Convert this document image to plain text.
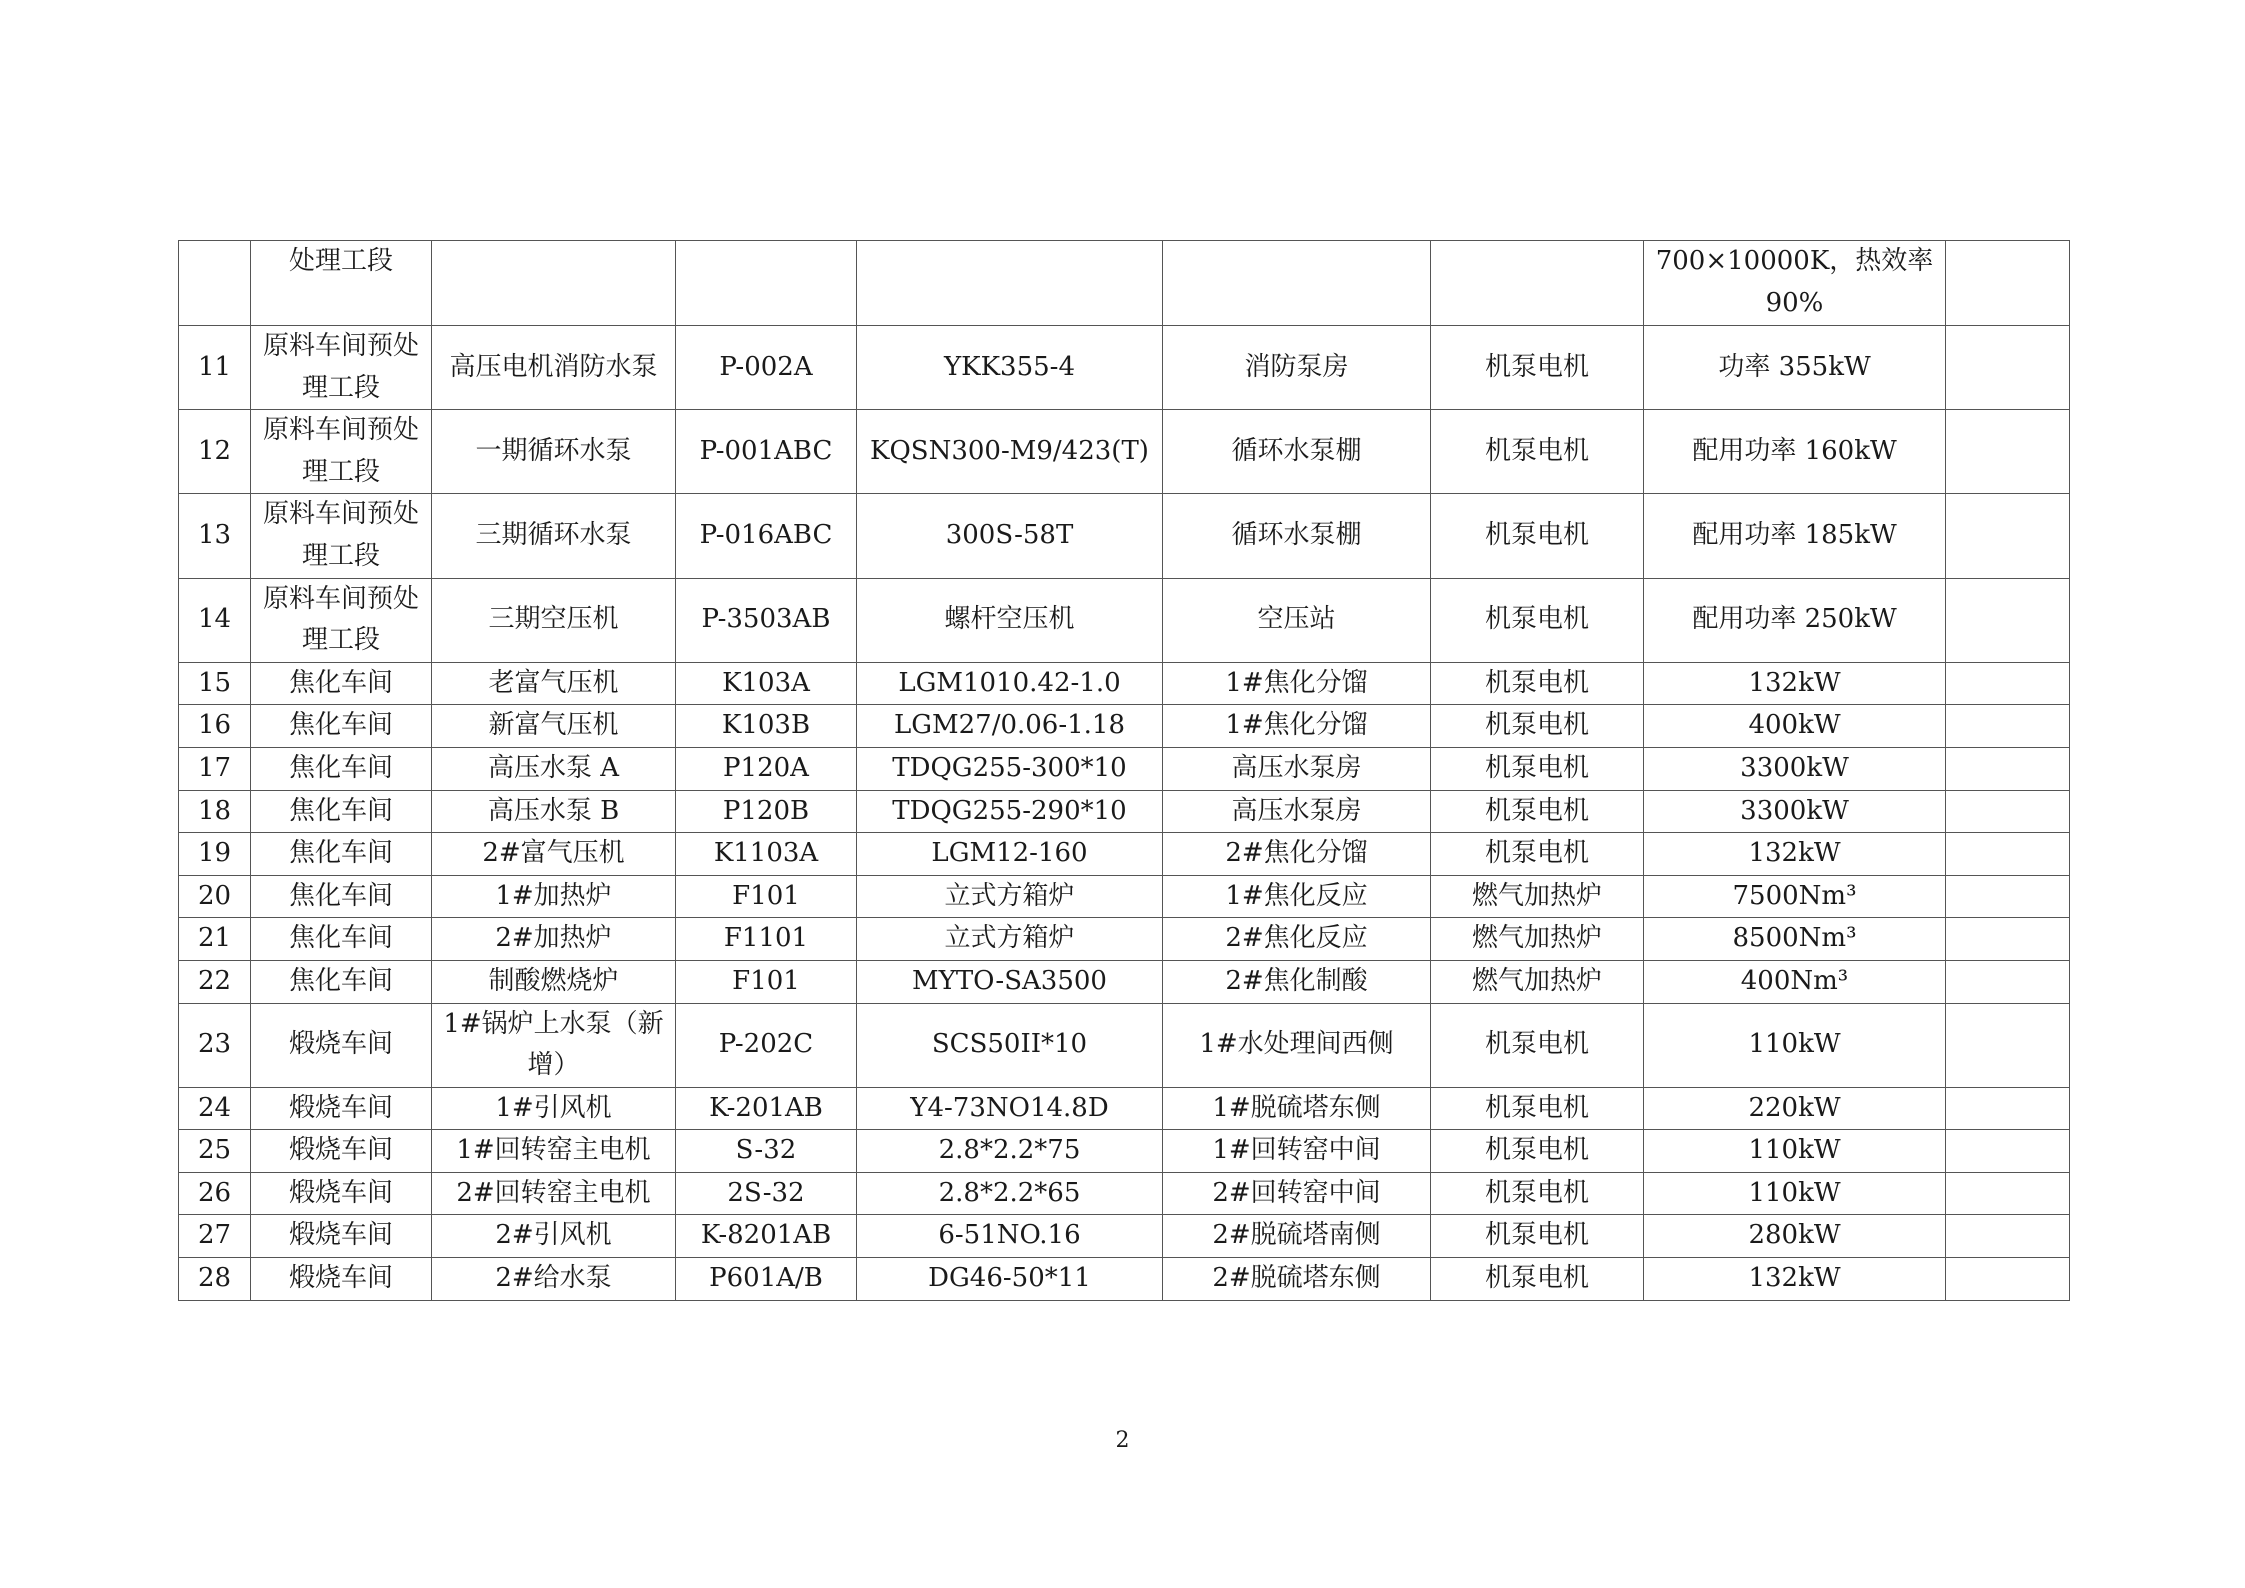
	处理工段						700×10000K，热效率90%	
11	原料车间预处理工段	高压电机消防水泵	P-002A	YKK355-4	消防泵房	机泵电机	功率 355kW	
12	原料车间预处理工段	一期循环水泵	P-001ABC	KQSN300-M9/423(T)	循环水泵棚	机泵电机	配用功率 160kW	
13	原料车间预处理工段	三期循环水泵	P-016ABC	300S-58T	循环水泵棚	机泵电机	配用功率 185kW	
14	原料车间预处理工段	三期空压机	P-3503AB	螺杆空压机	空压站	机泵电机	配用功率 250kW	
15	焦化车间	老富气压机	K103A	LGM1010.42-1.0	1#焦化分馏	机泵电机	132kW	
16	焦化车间	新富气压机	K103B	LGM27/0.06-1.18	1#焦化分馏	机泵电机	400kW	
17	焦化车间	高压水泵 A	P120A	TDQG255-300*10	高压水泵房	机泵电机	3300kW	
18	焦化车间	高压水泵 B	P120B	TDQG255-290*10	高压水泵房	机泵电机	3300kW	
19	焦化车间	2#富气压机	K1103A	LGM12-160	2#焦化分馏	机泵电机	132kW	
20	焦化车间	1#加热炉	F101	立式方箱炉	1#焦化反应	燃气加热炉	7500Nm³	
21	焦化车间	2#加热炉	F1101	立式方箱炉	2#焦化反应	燃气加热炉	8500Nm³	
22	焦化车间	制酸燃烧炉	F101	MYTO-SA3500	2#焦化制酸	燃气加热炉	400Nm³	
23	煅烧车间	1#锅炉上水泵（新增）	P-202C	SCS50II*10	1#水处理间西侧	机泵电机	110kW	
24	煅烧车间	1#引风机	K-201AB	Y4-73NO14.8D	1#脱硫塔东侧	机泵电机	220kW	
25	煅烧车间	1#回转窑主电机	S-32	2.8*2.2*75	1#回转窑中间	机泵电机	110kW	
26	煅烧车间	2#回转窑主电机	2S-32	2.8*2.2*65	2#回转窑中间	机泵电机	110kW	
27	煅烧车间	2#引风机	K-8201AB	6-51NO.16	2#脱硫塔南侧	机泵电机	280kW	
28	煅烧车间	2#给水泵	P601A/B	DG46-50*11	2#脱硫塔东侧	机泵电机	132kW	
2
